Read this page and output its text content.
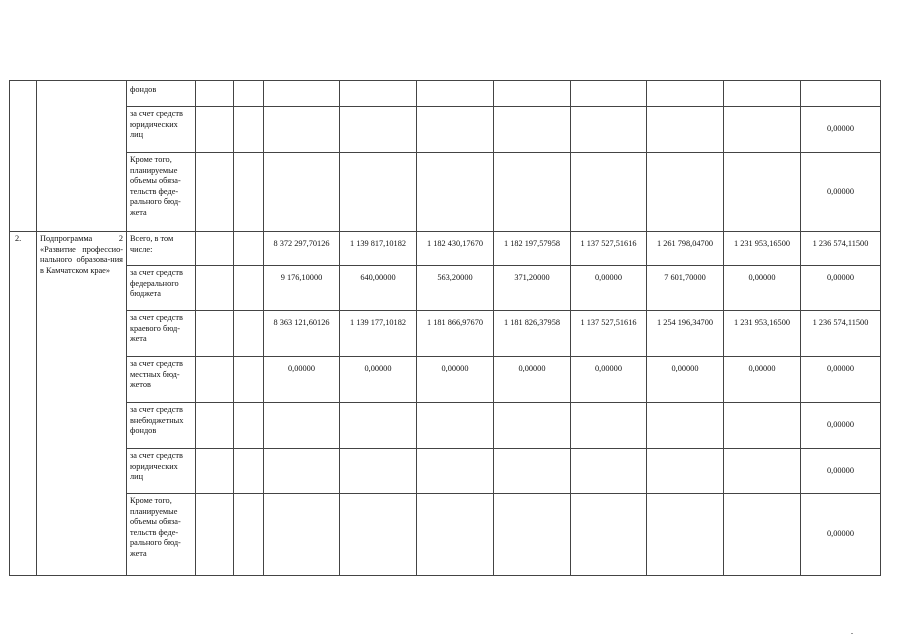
		фондов										
		за счет средств юридических лиц										0,00000
		Кроме того, планируемые объемы обяза-тельств феде-рального бюд-жета										0,00000
2.	Подпрограмма 2 «Развитие профессио-нального образова-ния в Камчатском крае»	Всего, в том числе:			8 372 297,70126	1 139 817,10182	1 182 430,17670	1 182 197,57958	1 137 527,51616	1 261 798,04700	1 231 953,16500	1 236 574,11500
		за счет средств федерального бюджета			9 176,10000	640,00000	563,20000	371,20000	0,00000	7 601,70000	0,00000	0,00000
		за счет средств краевого бюд-жета			8 363 121,60126	1 139 177,10182	1 181 866,97670	1 181 826,37958	1 137 527,51616	1 254 196,34700	1 231 953,16500	1 236 574,11500
		за счет средств местных бюд-жетов			0,00000	0,00000	0,00000	0,00000	0,00000	0,00000	0,00000	0,00000
		за счет средств внебюджетных фондов										0,00000
		за счет средств юридических лиц										0,00000
		Кроме того, планируемые объемы обяза-тельств феде-рального бюд-жета										0,00000
